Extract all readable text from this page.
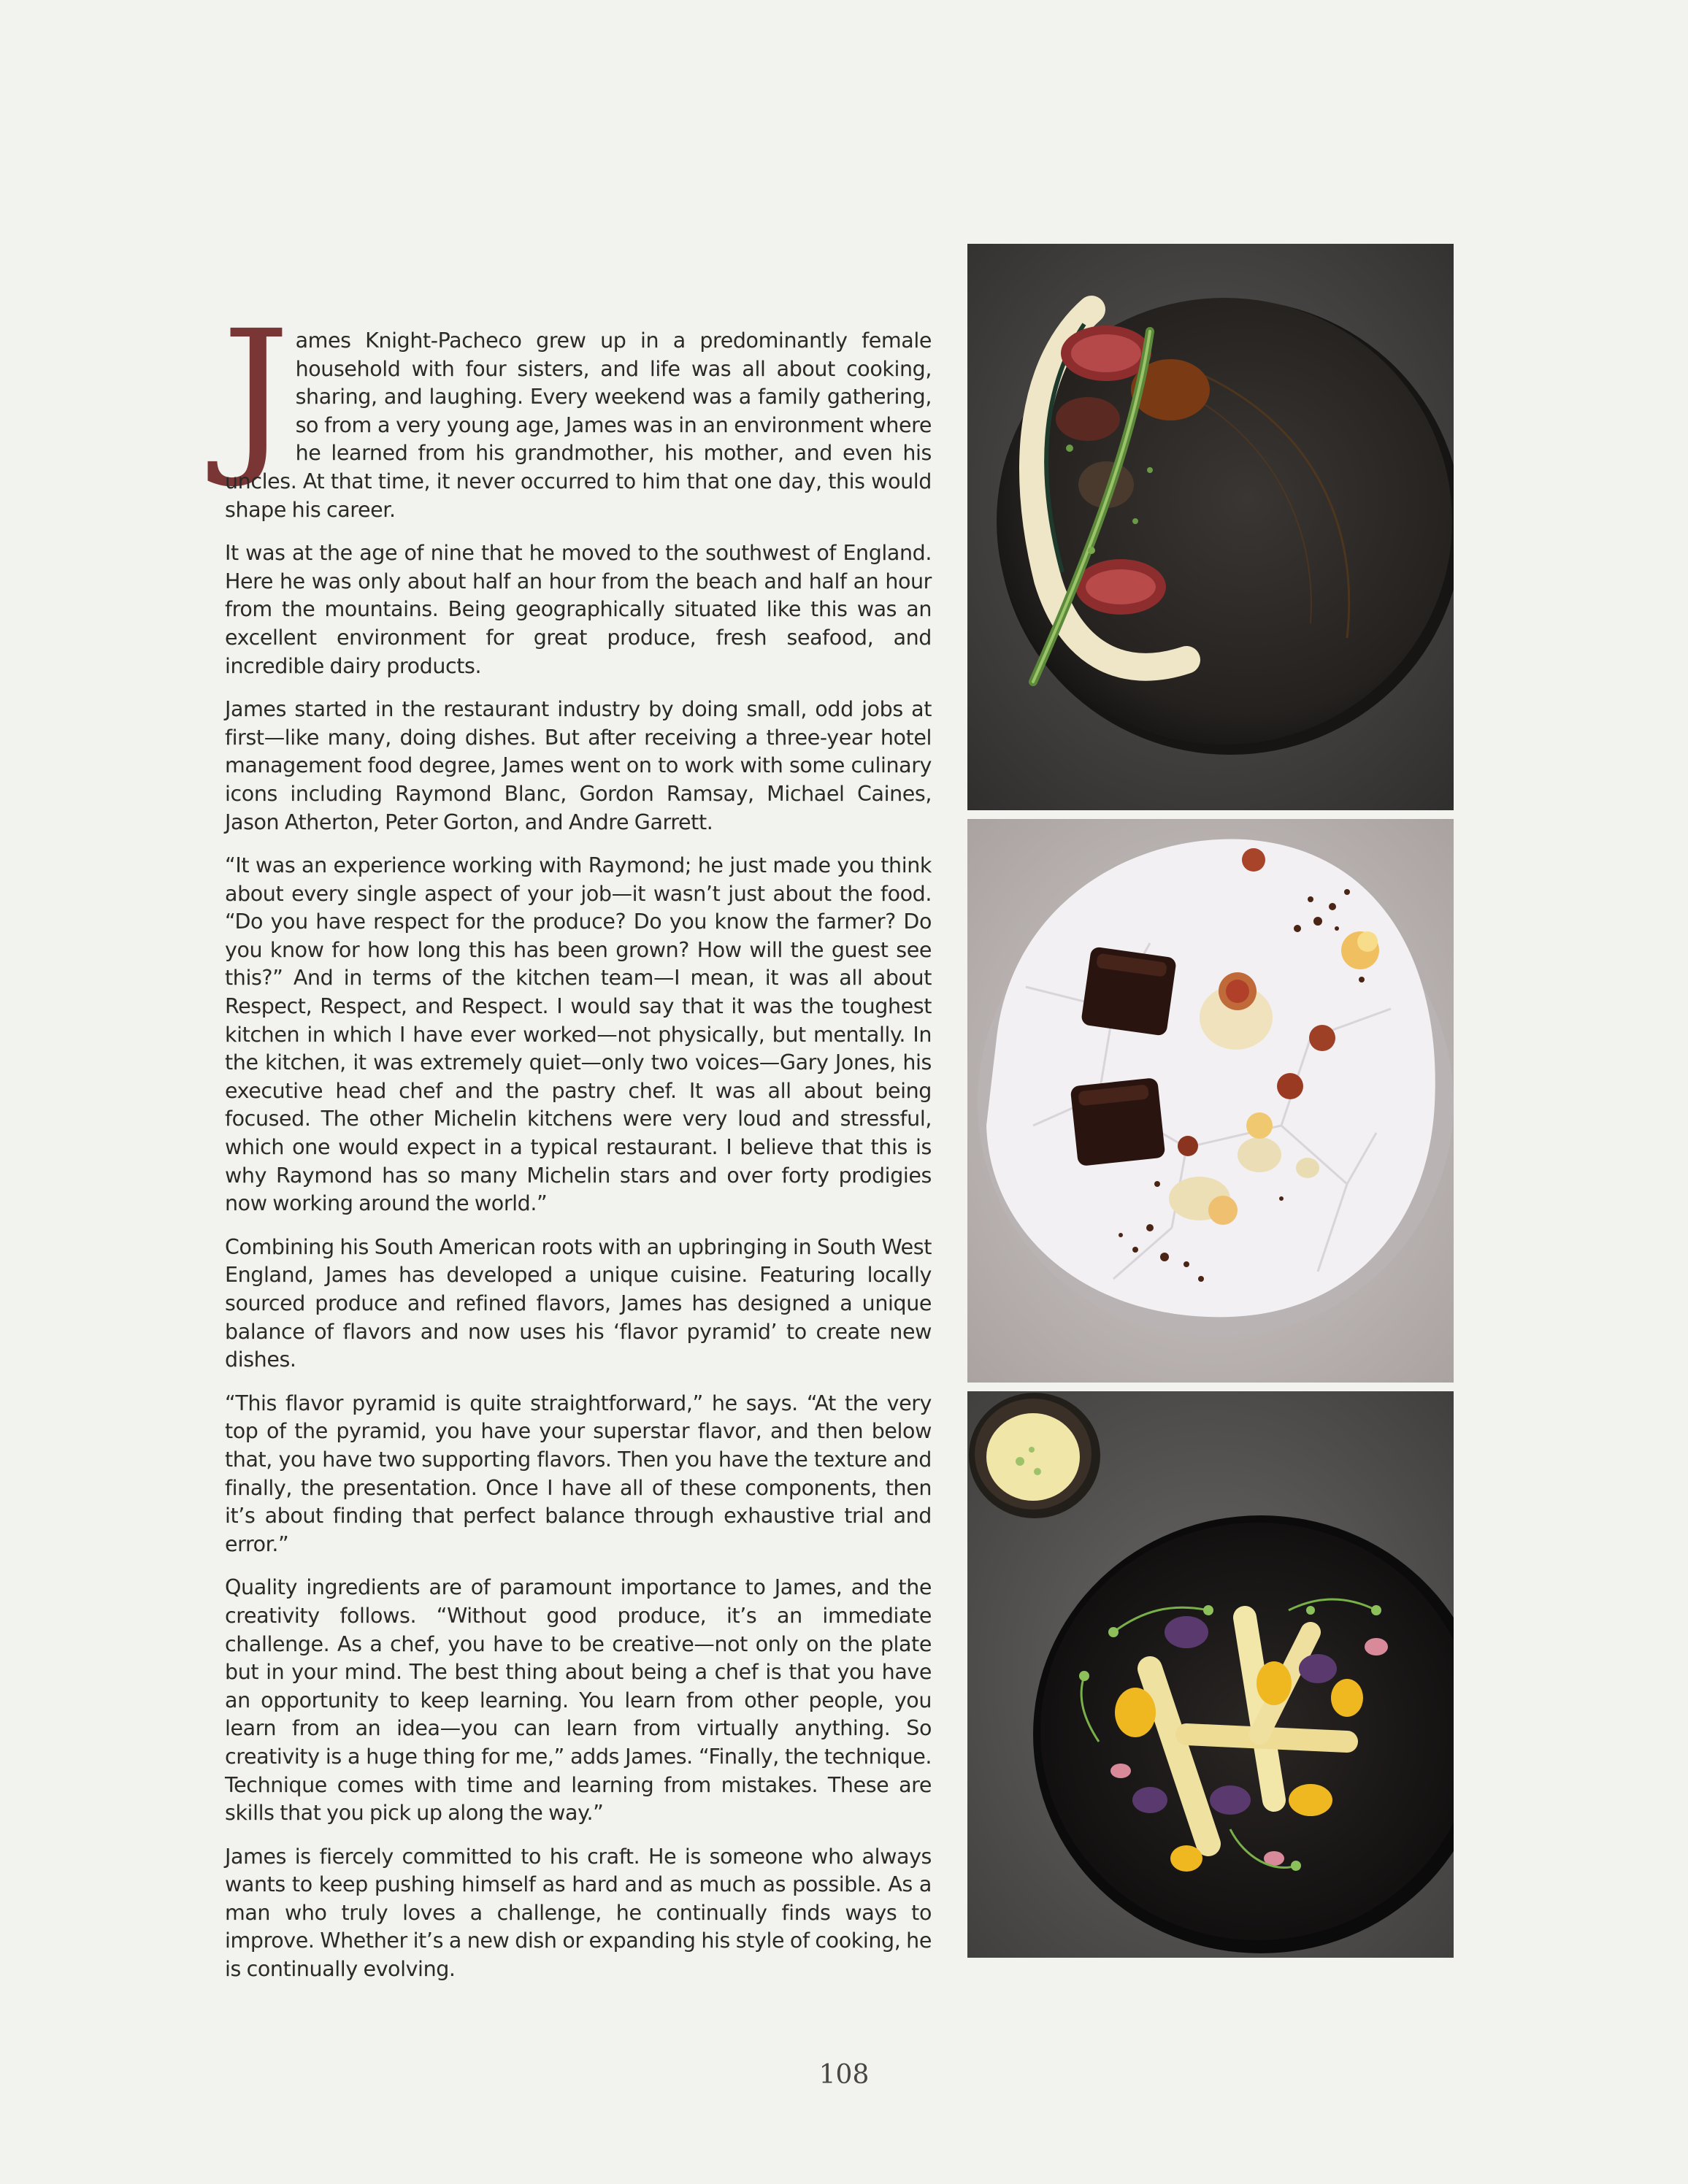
James Knight-Pacheco grew up in a predominantly female household with four sisters, and life was all about cooking, sharing, and laughing. Every weekend was a family gathering, so from a very young age, James was in an environment where he learned from his grandmother, his mother, and even his uncles. At that time, it never occurred to him that one day, this would shape his career.

It was at the age of nine that he moved to the southwest of England. Here he was only about half an hour from the beach and half an hour from the mountains. Being geographically situated like this was an excellent environment for great produce, fresh seafood, and incredible dairy products.

James started in the restaurant industry by doing small, odd jobs at first—like many, doing dishes. But after receiving a three-year hotel management food degree, James went on to work with some culinary icons including Raymond Blanc, Gordon Ramsay, Michael Caines, Jason Atherton, Peter Gorton, and Andre Garrett.

“It was an experience working with Raymond; he just made you think about every single aspect of your job—it wasn’t just about the food. “Do you have respect for the produce? Do you know the farmer? Do you know for how long this has been grown? How will the guest see this?” And in terms of the kitchen team—I mean, it was all about Respect, Respect, and Respect. I would say that it was the toughest kitchen in which I have ever worked—not physically, but mentally. In the kitchen, it was extremely quiet—only two voices—Gary Jones, his executive head chef and the pastry chef. It was all about being focused. The other Michelin kitchens were very loud and stressful, which one would expect in a typical restaurant. I believe that this is why Raymond has so many Michelin stars and over forty prodigies now working around the world.”

Combining his South American roots with an upbringing in South West England, James has developed a unique cuisine. Featuring locally sourced produce and refined flavors, James has designed a unique balance of flavors and now uses his ‘flavor pyramid’ to create new dishes.

“This flavor pyramid is quite straightforward,” he says. “At the very top of the pyramid, you have your superstar flavor, and then below that, you have two supporting flavors. Then you have the texture and finally, the presentation. Once I have all of these components, then it’s about finding that perfect balance through exhaustive trial and error.”

Quality ingredients are of paramount importance to James, and the creativity follows. “Without good produce, it’s an immediate challenge. As a chef, you have to be creative—not only on the plate but in your mind. The best thing about being a chef is that you have an opportunity to keep learning. You learn from other people, you learn from an idea—you can learn from virtually anything. So creativity is a huge thing for me,” adds James. “Finally, the technique. Technique comes with time and learning from mistakes. These are skills that you pick up along the way.”

James is fiercely committed to his craft. He is someone who always wants to keep pushing himself as hard and as much as possible. As a man who truly loves a challenge, he continually finds ways to improve. Whether it’s a new dish or expanding his style of cooking, he is continually evolving.

108
